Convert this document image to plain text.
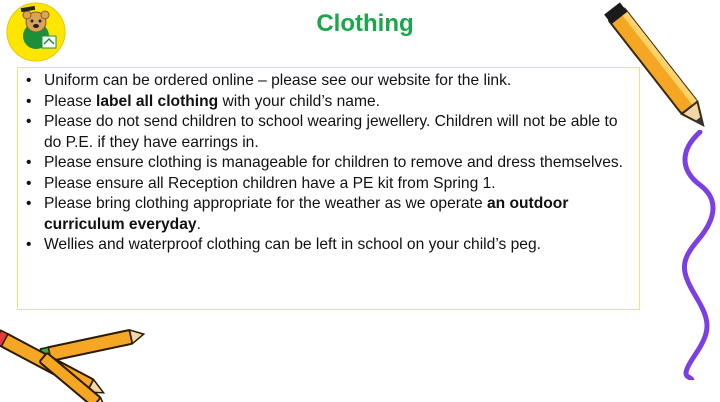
Clothing
• Uniform can be ordered online – please see our website for the link.
• Please label all clothing with your child’s name.
• Please do not send children to school wearing jewellery. Children will not be able to do P.E. if they have earrings in.
• Please ensure clothing is manageable for children to remove and dress themselves.
• Please ensure all Reception children have a PE kit from Spring 1.
• Please bring clothing appropriate for the weather as we operate an outdoor curriculum everyday.
• Wellies and waterproof clothing can be left in school on your child’s peg.
